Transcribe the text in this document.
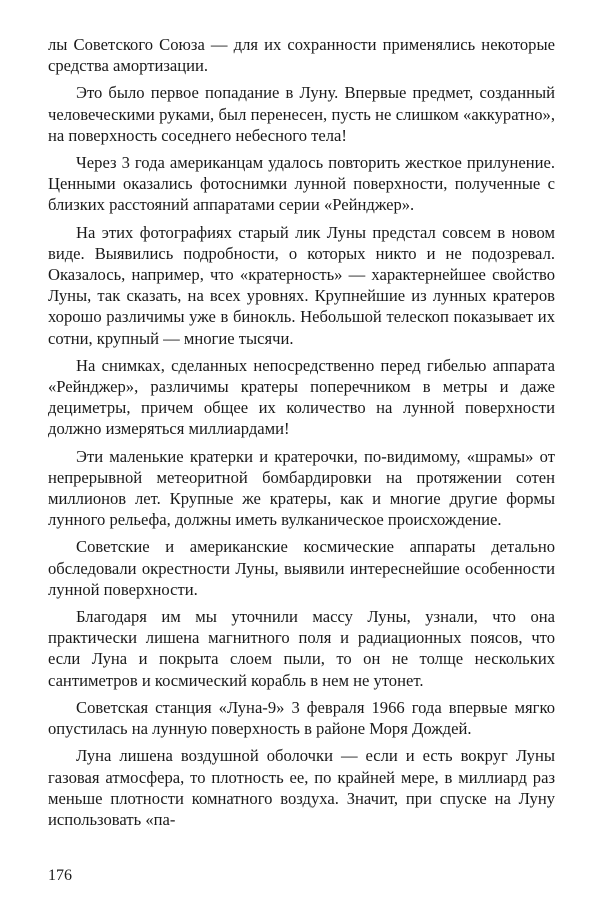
лы Советского Союза — для их сохранности применялись некоторые средства амортизации.

Это было первое попадание в Луну. Впервые предмет, созданный человеческими руками, был перенесен, пусть не слишком «аккуратно», на поверхность соседнего небесного тела!

Через 3 года американцам удалось повторить жесткое прилунение. Ценными оказались фотоснимки лунной поверхности, полученные с близких расстояний аппаратами серии «Рейнджер».

На этих фотографиях старый лик Луны предстал совсем в новом виде. Выявились подробности, о которых никто и не подозревал. Оказалось, например, что «кратерность» — характернейшее свойство Луны, так сказать, на всех уровнях. Крупнейшие из лунных кратеров хорошо различимы уже в бинокль. Небольшой телескоп показывает их сотни, крупный — многие тысячи.

На снимках, сделанных непосредственно перед гибелью аппарата «Рейнджер», различимы кратеры поперечником в метры и даже дециметры, причем общее их количество на лунной поверхности должно измеряться миллиардами!

Эти маленькие кратерки и кратерочки, по-видимому, «шрамы» от непрерывной метеоритной бомбардировки на протяжении сотен миллионов лет. Крупные же кратеры, как и многие другие формы лунного рельефа, должны иметь вулканическое происхождение.

Советские и американские космические аппараты детально обследовали окрестности Луны, выявили интереснейшие особенности лунной поверхности.

Благодаря им мы уточнили массу Луны, узнали, что она практически лишена магнитного поля и радиационных поясов, что если Луна и покрыта слоем пыли, то он не толще нескольких сантиметров и космический корабль в нем не утонет.

Советская станция «Луна-9» 3 февраля 1966 года впервые мягко опустилась на лунную поверхность в районе Моря Дождей.

Луна лишена воздушной оболочки — если и есть вокруг Луны газовая атмосфера, то плотность ее, по крайней мере, в миллиард раз меньше плотности комнатного воздуха. Значит, при спуске на Луну использовать «па-

176
